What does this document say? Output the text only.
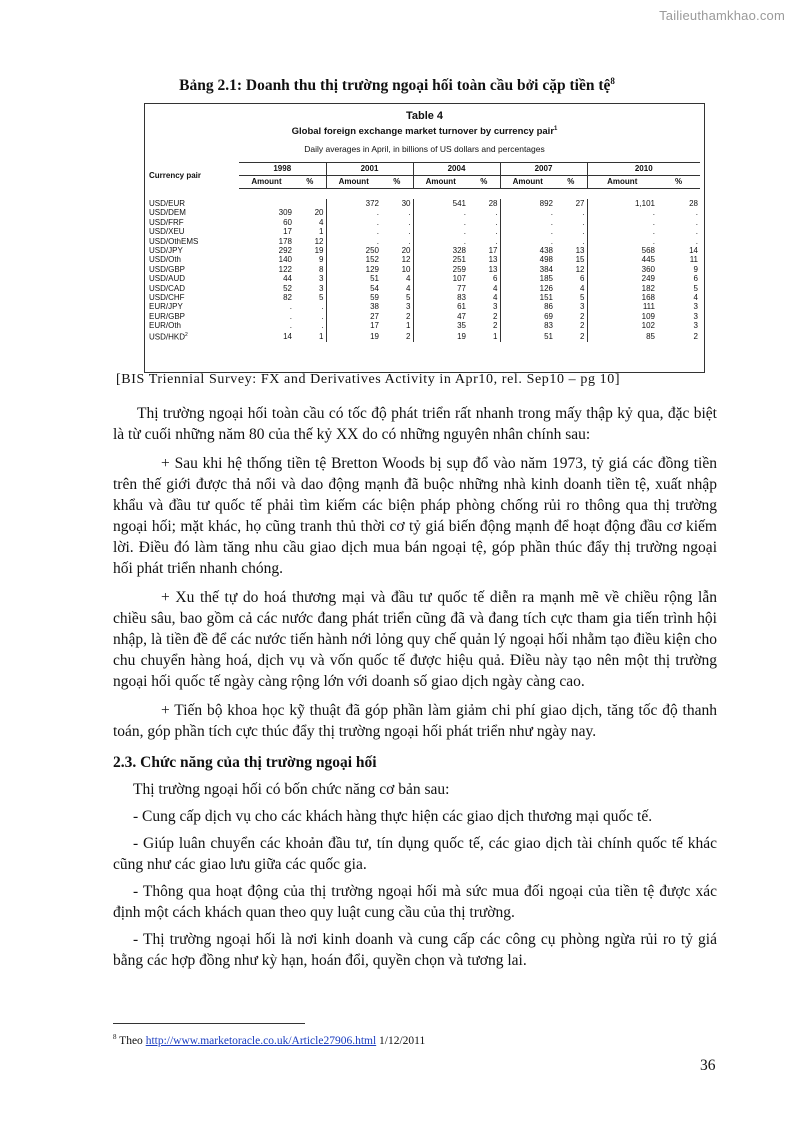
Tailieuthamkhao.com
Bảng 2.1: Doanh thu thị trường ngoại hối toàn cầu bởi cặp tiền tệ$^8$
Table 4
Global foreign exchange market turnover by currency pair$^1$
Daily averages in April, in billions of US dollars and percentages
Currency pair	1998		2001		2004		2007		2010	
	Amount	%	Amount	%	Amount	%	Amount	%	Amount	%

USD/EUR			372	30	541	28	892	27	1,101	28
USD/DEM	309	20	.	.	.	.	.	.	.	.
USD/FRF	60	4	.	.	.	.	.	.	.	.
USD/XEU	17	1	.	.	.	.	.	.	.	.
USD/OthEMS	178	12	.	.	.	.	.	.	.	.
USD/JPY	292	19	250	20	328	17	438	13	568	14
USD/Oth	140	9	152	12	251	13	498	15	445	11
USD/GBP	122	8	129	10	259	13	384	12	360	9
USD/AUD	44	3	51	4	107	6	185	6	249	6
USD/CAD	52	3	54	4	77	4	126	4	182	5
USD/CHF	82	5	59	5	83	4	151	5	168	4
EUR/JPY	.	.	38	3	61	3	86	3	111	3
EUR/GBP	.	.	27	2	47	2	69	2	109	3
EUR/Oth	.	.	17	1	35	2	83	2	102	3
USD/HKD$^2$	14	1	19	2	19	1	51	2	85	2
[BIS Triennial Survey: FX and Derivatives Activity in Apr10, rel. Sep10 – pg 10]

Thị trường ngoại hối toàn cầu có tốc độ phát triển rất nhanh trong mấy thập kỷ qua, đặc biệt là từ cuối những năm 80 của thế kỷ XX do có những nguyên nhân chính sau:

+ Sau khi hệ thống tiền tệ Bretton Woods bị sụp đổ vào năm 1973, tỷ giá các đồng tiền trên thế giới được thả nổi và dao động mạnh đã buộc những nhà kinh doanh tiền tệ, xuất nhập khẩu và đầu tư quốc tế phải tìm kiếm các biện pháp phòng chống rủi ro thông qua thị trường ngoại hối; mặt khác, họ cũng tranh thủ thời cơ tỷ giá biến động mạnh để hoạt động đầu cơ kiếm lời. Điều đó làm tăng nhu cầu giao dịch mua bán ngoại tệ, góp phần thúc đẩy thị trường ngoại hối phát triển nhanh chóng.

+ Xu thế tự do hoá thương mại và đầu tư quốc tế diễn ra mạnh mẽ về chiều rộng lẫn chiều sâu, bao gồm cả các nước đang phát triển cũng đã và đang tích cực tham gia tiến trình hội nhập, là tiền đề để các nước tiến hành nới lỏng quy chế quản lý ngoại hối nhằm tạo điều kiện cho chu chuyển hàng hoá, dịch vụ và vốn quốc tế được hiệu quả. Điều này tạo nên một thị trường ngoại hối quốc tế ngày càng rộng lớn với doanh số giao dịch ngày càng cao.

+ Tiến bộ khoa học kỹ thuật đã góp phần làm giảm chi phí giao dịch, tăng tốc độ thanh toán, góp phần tích cực thúc đẩy thị trường ngoại hối phát triển như ngày nay.

2.3. Chức năng của thị trường ngoại hối

Thị trường ngoại hối có bốn chức năng cơ bản sau:

- Cung cấp dịch vụ cho các khách hàng thực hiện các giao dịch thương mại quốc tế.

- Giúp luân chuyển các khoản đầu tư, tín dụng quốc tế, các giao dịch tài chính quốc tế khác cũng như các giao lưu giữa các quốc gia.

- Thông qua hoạt động của thị trường ngoại hối mà sức mua đối ngoại của tiền tệ được xác định một cách khách quan theo quy luật cung cầu của thị trường.

- Thị trường ngoại hối là nơi kinh doanh và cung cấp các công cụ phòng ngừa rủi ro tỷ giá bằng các hợp đồng như kỳ hạn, hoán đổi, quyền chọn và tương lai.

$^8$ Theo http://www.marketoracle.co.uk/Article27906.html 1/12/2011
36
